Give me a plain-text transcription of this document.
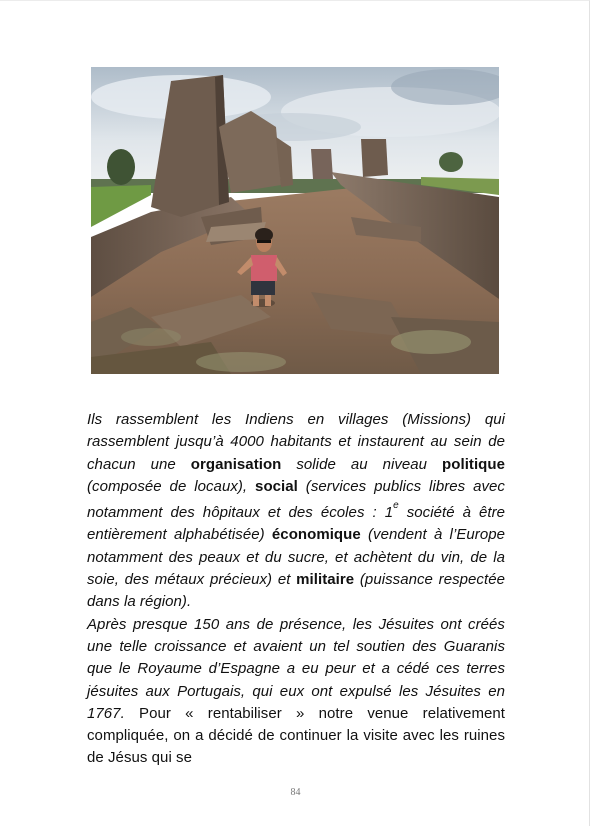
Ils rassemblent les Indiens en villages (Missions) qui rassemblent jusqu’à 4000 habitants et instaurent au sein de chacun une organisation solide au niveau politique (composée de locaux), social (services publics libres avec notamment des hôpitaux et des écoles : 1e société à être entièrement alphabétisée) économique (vendent à l’Europe notamment des peaux et du sucre, et achètent du vin, de la soie, des métaux précieux) et militaire (puissance respectée dans la région).

Après presque 150 ans de présence, les Jésuites ont créés une telle croissance et avaient un tel soutien des Guaranis que le Royaume d’Espagne a eu peur et a cédé ces terres jésuites aux Portugais, qui eux ont expulsé les Jésuites en 1767. Pour « rentabiliser » notre venue relativement compliquée, on a décidé de continuer la visite avec les ruines de Jésus qui se

84
